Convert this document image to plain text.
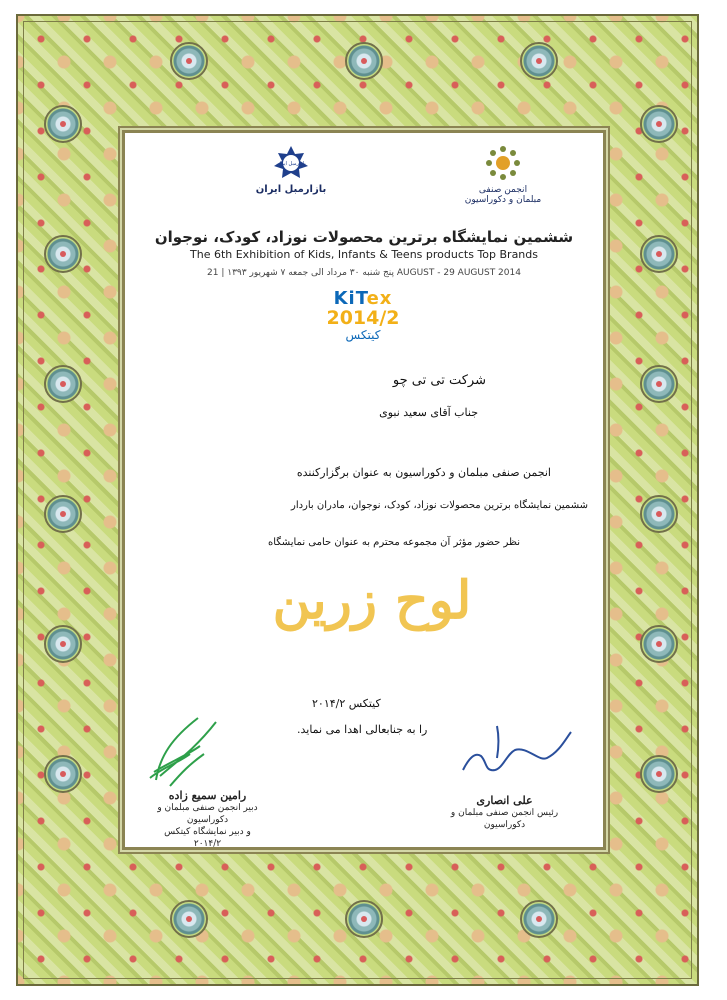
انجمن صنفی
مبلمان و دکوراسیون
بازارمبل ایران
بازارمبل ایران
ششمین نمایشگاه برترین محصولات نوزاد، کودک، نوجوان
The 6th Exhibition of Kids, Infants & Teens products Top Brands
پنج شنبه ۳۰ مرداد الی جمعه ۷ شهریور ۱۳۹۳ | 21 AUGUST - 29 AUGUST 2014
KiTex
2014/2
کیتکس
شرکت تی تی چو
جناب آقای سعید نبوی
انجمن صنفی مبلمان و دکوراسیون به عنوان برگزارکننده
ششمین نمایشگاه برترین محصولات نوزاد، کودک، نوجوان، مادران باردار
نظر حضور مؤثر آن مجموعه محترم به عنوان حامی نمایشگاه
لوح زرین
کیتکس ۲۰۱۴/۲
را به جنابعالی اهدا می نماید.
رامین سمیع زاده
دبیر انجمن صنفی مبلمان و دکوراسیون
و دبیر نمایشگاه کیتکس ۲۰۱۴/۲
علی انصاری
رئیس انجمن صنفی مبلمان و دکوراسیون
